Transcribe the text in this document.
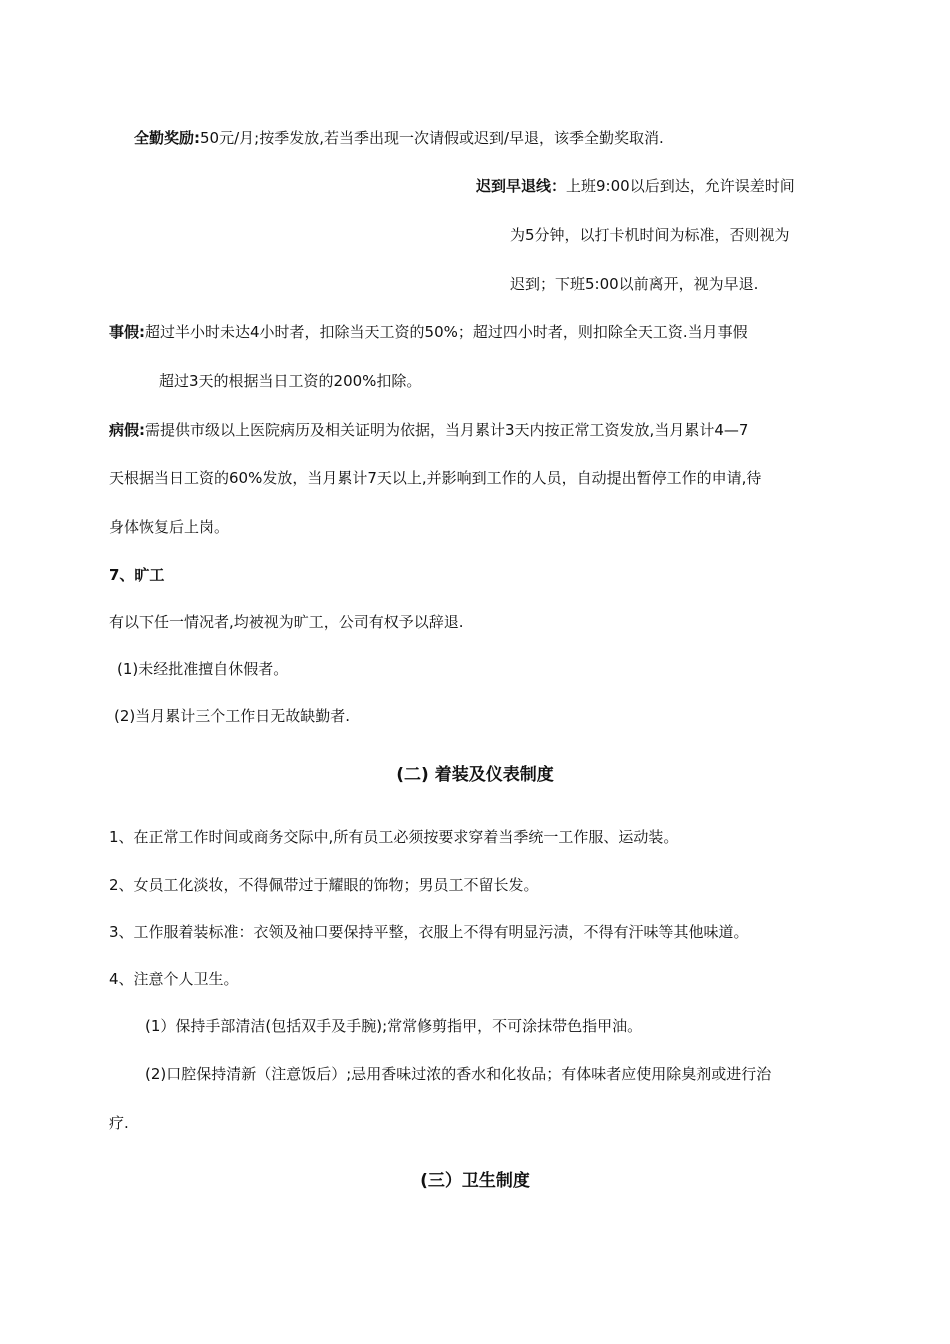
全勤奖励:50元/月;按季发放,若当季出现一次请假或迟到/早退，该季全勤奖取消.
迟到早退线：上班9:00以后到达，允许误差时间
为5分钟，以打卡机时间为标准，否则视为
迟到；下班5:00以前离开，视为早退.
事假:超过半小时未达4小时者，扣除当天工资的50%；超过四小时者，则扣除全天工资.当月事假
超过3天的根据当日工资的200%扣除。
病假:需提供市级以上医院病历及相关证明为依据，当月累计3天内按正常工资发放,当月累计4—7
天根据当日工资的60%发放，当月累计7天以上,并影响到工作的人员，自动提出暂停工作的申请,待
身体恢复后上岗。
7、旷工
有以下任一情况者,均被视为旷工，公司有权予以辞退.
(1)未经批准擅自休假者。
(2)当月累计三个工作日无故缺勤者.
(二) 着装及仪表制度
1、在正常工作时间或商务交际中,所有员工必须按要求穿着当季统一工作服、运动装。
2、女员工化淡妆，不得佩带过于耀眼的饰物；男员工不留长发。
3、工作服着装标准：衣领及袖口要保持平整，衣服上不得有明显污渍，不得有汗味等其他味道。
4、注意个人卫生。
(1）保持手部清洁(包括双手及手腕);常常修剪指甲，不可涂抹带色指甲油。
(2)口腔保持清新（注意饭后）;忌用香味过浓的香水和化妆品；有体味者应使用除臭剂或进行治
疗.
(三）卫生制度
